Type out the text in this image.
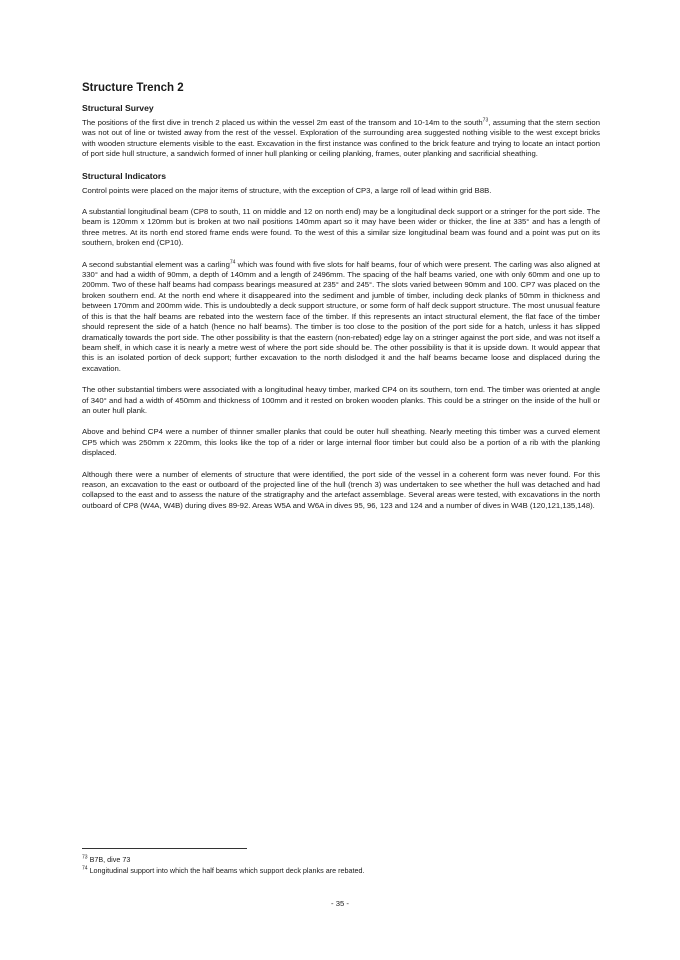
Structure Trench 2
Structural Survey

The positions of the first dive in trench 2 placed us within the vessel 2m east of the transom and 10-14m to the south$^{73}$, assuming that the stern section was not out of line or twisted away from the rest of the vessel. Exploration of the surrounding area suggested nothing visible to the west except bricks with wooden structure elements visible to the east. Excavation in the first instance was confined to the brick feature and trying to locate an intact portion of port side hull structure, a sandwich formed of inner hull planking or ceiling planking, frames, outer planking and sacrificial sheathing.

Structural Indicators

Control points were placed on the major items of structure, with the exception of CP3, a large roll of lead within grid B8B.

A substantial longitudinal beam (CP8 to south, 11 on middle and 12 on north end) may be a longitudinal deck support or a stringer for the port side. The beam is 120mm x 120mm but is broken at two nail positions 140mm apart so it may have been wider or thicker, the line at 335° and has a length of three metres. At its north end stored frame ends were found. To the west of this a similar size longitudinal beam was found and a point was put on its southern, broken end (CP10).

A second substantial element was a carling$^{74}$ which was found with five slots for half beams, four of which were present. The carling was also aligned at 330° and had a width of 90mm, a depth of 140mm and a length of 2496mm. The spacing of the half beams varied, one with only 60mm and one up to 200mm. Two of these half beams had compass bearings measured at 235° and 245°. The slots varied between 90mm and 100. CP7 was placed on the broken southern end. At the north end where it disappeared into the sediment and jumble of timber, including deck planks of 50mm in thickness and between 170mm and 200mm wide. This is undoubtedly a deck support structure, or some form of half deck support structure. The most unusual feature of this is that the half beams are rebated into the western face of the timber. If this represents an intact structural element, the flat face of the timber should represent the side of a hatch (hence no half beams). The timber is too close to the position of the port side for a hatch, unless it has slipped dramatically towards the port side. The other possibility is that the eastern (non-rebated) edge lay on a stringer against the port side, and was not itself a beam shelf, in which case it is nearly a metre west of where the port side should be. The other possibility is that it is upside down. It would appear that this is an isolated portion of deck support; further excavation to the north dislodged it and the half beams became loose and displaced during the excavation.

The other substantial timbers were associated with a longitudinal heavy timber, marked CP4 on its southern, torn end. The timber was oriented at angle of 340° and had a width of 450mm and thickness of 100mm and it rested on broken wooden planks. This could be a stringer on the inside of the hull or an outer hull plank.

Above and behind CP4 were a number of thinner smaller planks that could be outer hull sheathing. Nearly meeting this timber was a curved element CP5 which was 250mm x 220mm, this looks like the top of a rider or large internal floor timber but could also be a portion of a rib with the planking displaced.

Although there were a number of elements of structure that were identified, the port side of the vessel in a coherent form was never found. For this reason, an excavation to the east or outboard of the projected line of the hull (trench 3) was undertaken to see whether the hull was detached and had collapsed to the east and to assess the nature of the stratigraphy and the artefact assemblage. Several areas were tested, with excavations in the north outboard of CP8 (W4A, W4B) during dives 89-92. Areas W5A and W6A in dives 95, 96, 123 and 124 and a number of dives in W4B (120,121,135,148).

$^{73}$ B7B, dive 73
$^{74}$ Longitudinal support into which the half beams which support deck planks are rebated.
- 35 -
